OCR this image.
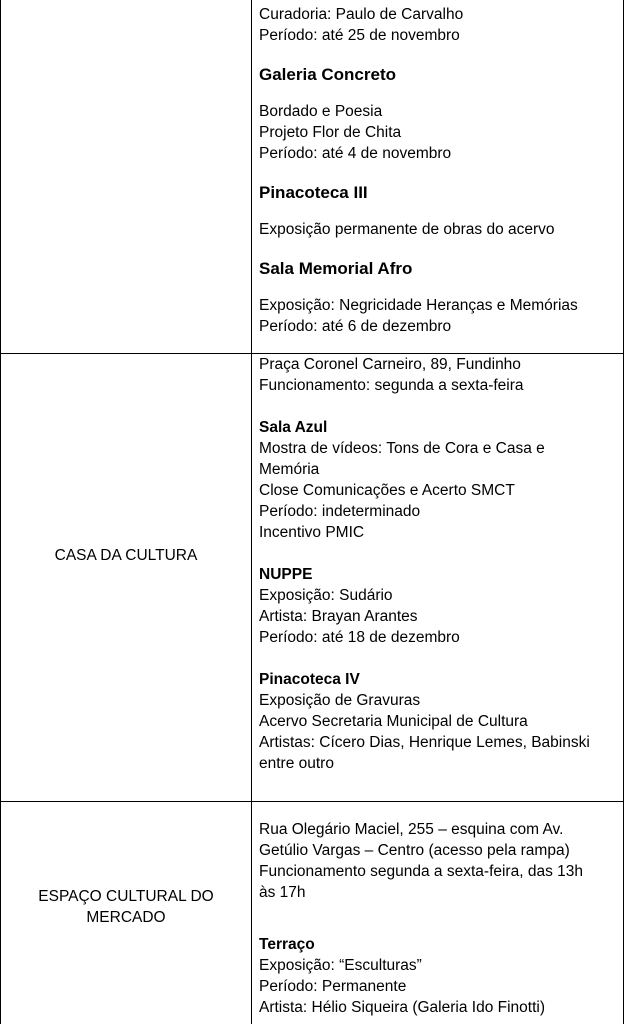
Curadoria: Paulo de Carvalho
Período: até 25 de novembro
Galeria Concreto
Bordado e Poesia
Projeto Flor de Chita
Período: até 4 de novembro
Pinacoteca III
Exposição permanente de obras do acervo
Sala Memorial Afro
Exposição: Negricidade Heranças e Memórias
Período: até 6 de dezembro
CASA DA CULTURA
Praça Coronel Carneiro, 89, Fundinho
Funcionamento: segunda a sexta-feira
Sala Azul
Mostra de vídeos: Tons de Cora e Casa e
Memória
Close Comunicações e Acerto SMCT
Período: indeterminado
Incentivo PMIC
NUPPE
Exposição: Sudário
Artista: Brayan Arantes
Período: até 18 de dezembro
Pinacoteca IV
Exposição de Gravuras
Acervo Secretaria Municipal de Cultura
Artistas: Cícero Dias, Henrique Lemes, Babinski
entre outro
ESPAÇO CULTURAL DO
MERCADO
Rua Olegário Maciel, 255 – esquina com Av.
Getúlio Vargas – Centro (acesso pela rampa)
Funcionamento segunda a sexta-feira, das 13h
às 17h
Terraço
Exposição: “Esculturas”
Período: Permanente
Artista: Hélio Siqueira (Galeria Ido Finotti)
